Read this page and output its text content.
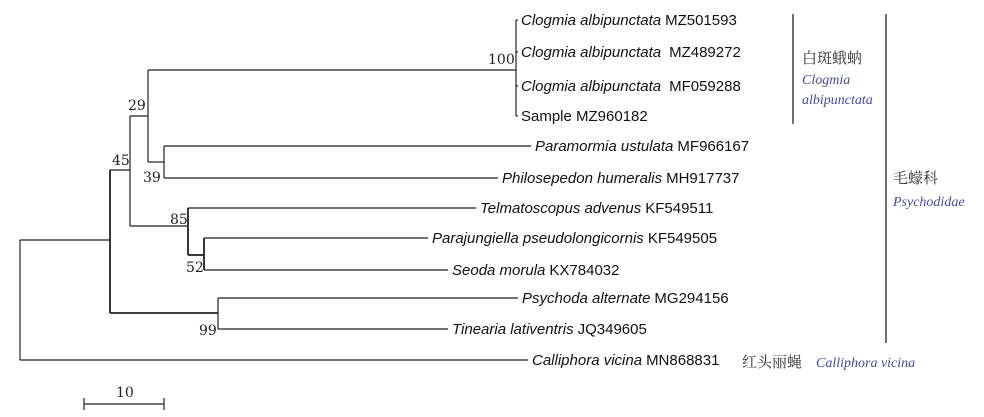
100
29
45
39
85
52
99
Clogmia albipunctata MZ501593
Clogmia albipunctata MZ489272
Clogmia albipunctata MF059288
Sample MZ960182
Paramormia ustulata MF966167
Philosepedon humeralis MH917737
Telmatoscopus advenus KF549511
Parajungiella pseudolongicornis KF549505
Seoda morula KX784032
Psychoda alternate MG294156
Tinearia lativentris JQ349605
Calliphora vicina MN868831
白斑蛾蚋
Clogmia
albipunctata
毛蠓科
Psychodidae
红头丽蝇 Calliphora vicina
10
